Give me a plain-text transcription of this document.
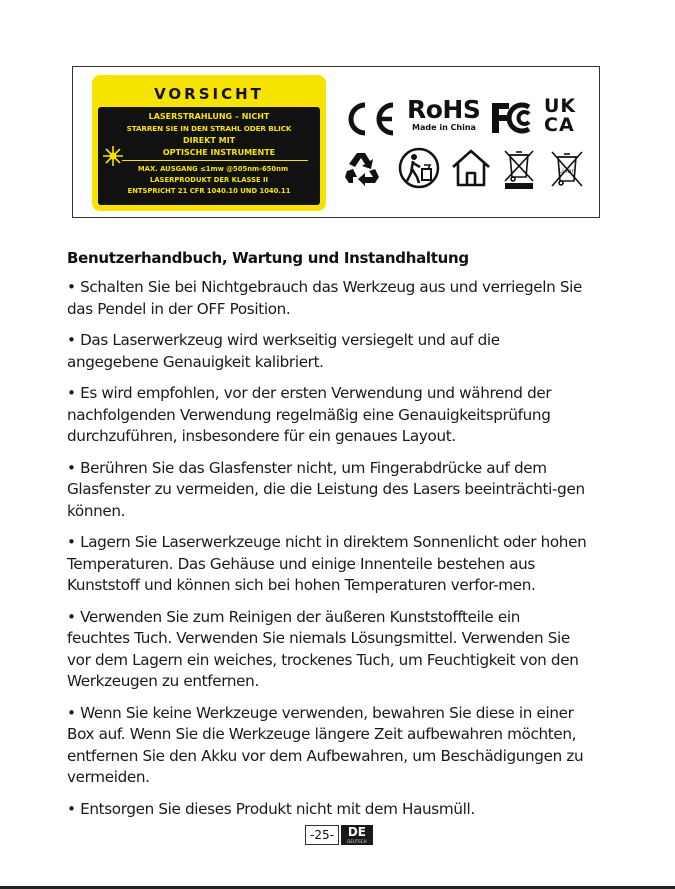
VORSICHT
LASERSTRAHLUNG – NICHT
STARREN SIE IN DEN STRAHL ODER BLICK
DIREKT MIT
OPTISCHE INSTRUMENTE
MAX. AUSGANG ≤1mw @505nm-650nm
LASERPRODUKT DER KLASSE II
ENTSPRICHT 21 CFR 1040.10 UND 1040.11
RoHS
Made in China
UK
CA
Li-ion

Benutzerhandbuch, Wartung und Instandhaltung

• Schalten Sie bei Nichtgebrauch das Werkzeug aus und verriegeln Sie das Pendel in der OFF Position.

• Das Laserwerkzeug wird werkseitig versiegelt und auf die angegebene Genauigkeit kalibriert.

• Es wird empfohlen, vor der ersten Verwendung und während der nachfolgenden Verwendung regelmäßig eine Genauigkeitsprüfung durchzuführen, insbesondere für ein genaues Layout.

• Berühren Sie das Glasfenster nicht, um Fingerabdrücke auf dem Glasfenster zu vermeiden, die die Leistung des Lasers beeinträchti-gen können.

• Lagern Sie Laserwerkzeuge nicht in direktem Sonnenlicht oder hohen Temperaturen. Das Gehäuse und einige Innenteile bestehen aus Kunststoff und können sich bei hohen Temperaturen verfor-men.

• Verwenden Sie zum Reinigen der äußeren Kunststoffteile ein feuchtes Tuch. Verwenden Sie niemals Lösungsmittel. Verwenden Sie vor dem Lagern ein weiches, trockenes Tuch, um Feuchtigkeit von den Werkzeugen zu entfernen.

• Wenn Sie keine Werkzeuge verwenden, bewahren Sie diese in einer Box auf. Wenn Sie die Werkzeuge längere Zeit aufbewahren möchten, entfernen Sie den Akku vor dem Aufbewahren, um Beschädigungen zu vermeiden.

• Entsorgen Sie dieses Produkt nicht mit dem Hausmüll.

-25-	DE
DEUTSCH
